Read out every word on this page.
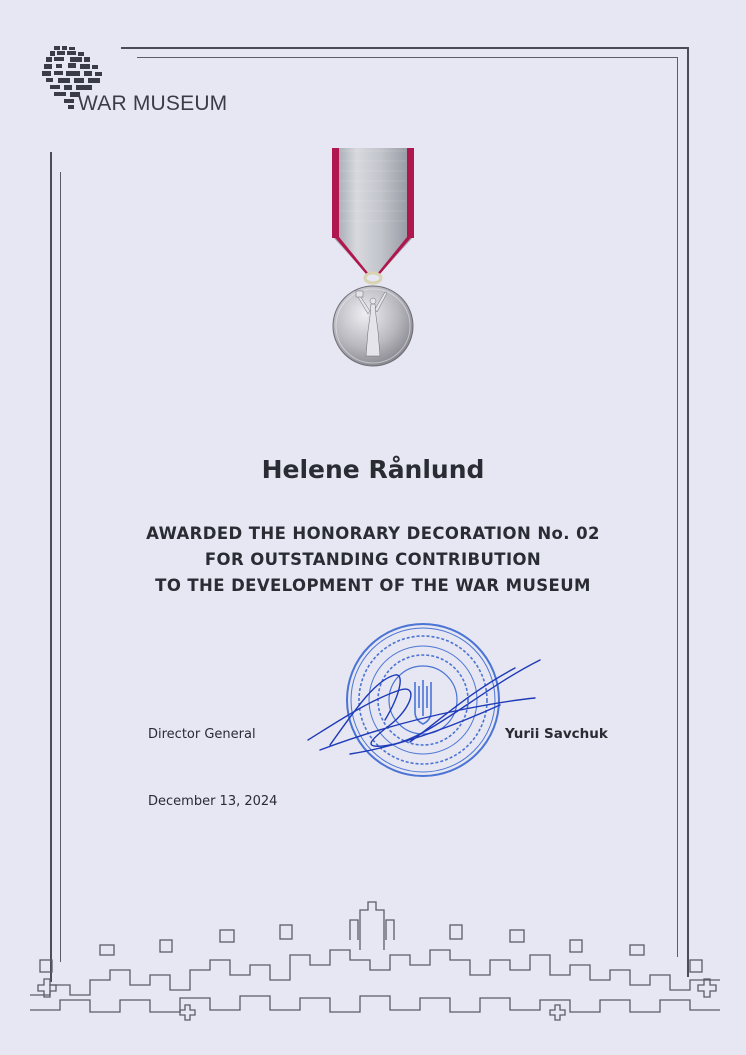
WAR MUSEUM
Helene Rånlund
AWARDED THE HONORARY DECORATION No. 02
FOR OUTSTANDING CONTRIBUTION
TO THE DEVELOPMENT OF THE WAR MUSEUM
Director General	Yurii Savchuk
December 13, 2024
